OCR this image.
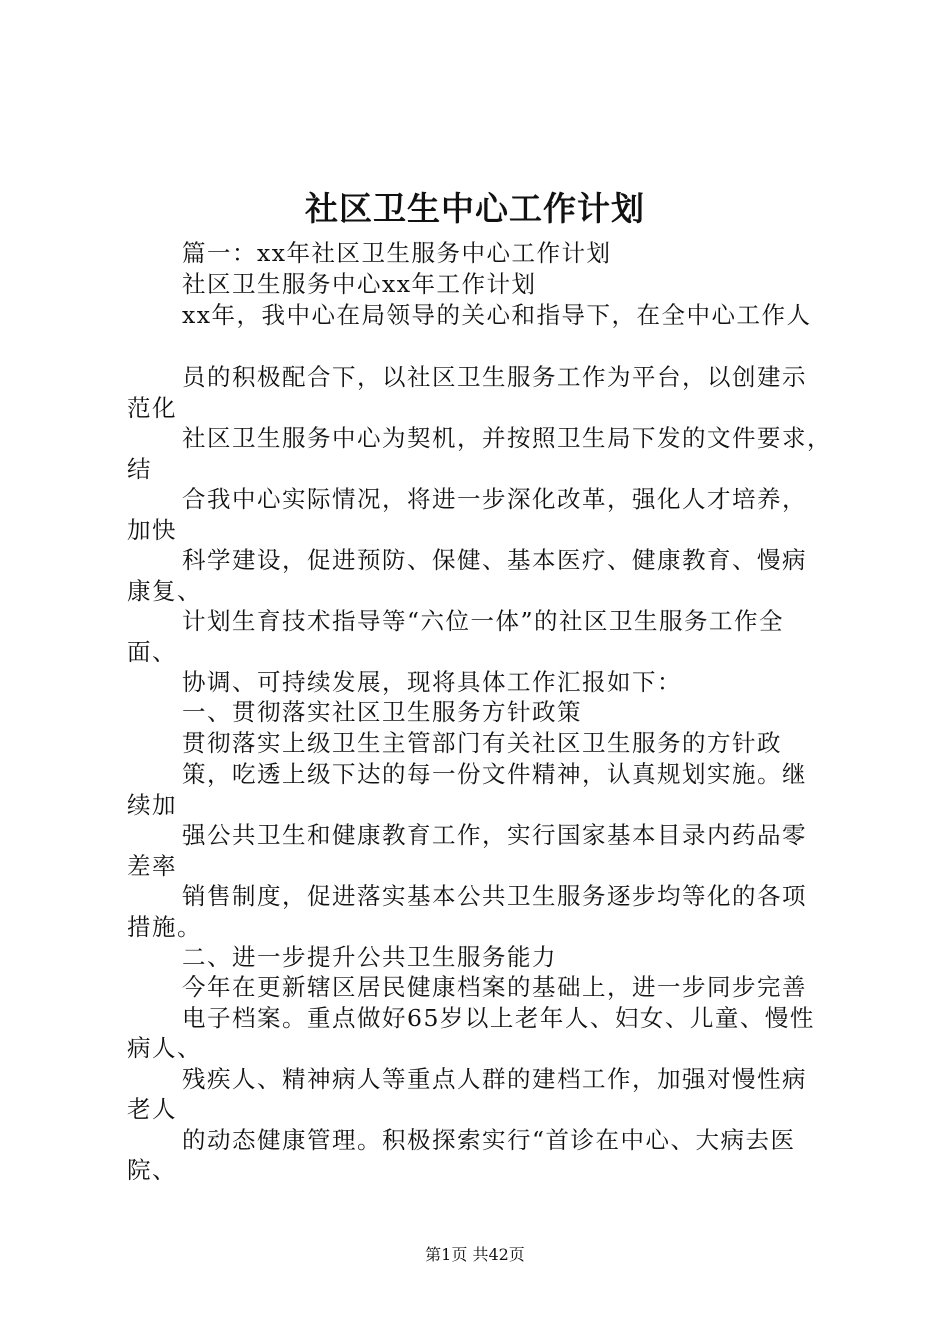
社区卫生中心工作计划
篇一：xx年社区卫生服务中心工作计划
社区卫生服务中心xx年工作计划
xx年，我中心在局领导的关心和指导下，在全中心工作人
员的积极配合下，以社区卫生服务工作为平台，以创建示
范化
社区卫生服务中心为契机，并按照卫生局下发的文件要求，
结
合我中心实际情况，将进一步深化改革，强化人才培养，
加快
科学建设，促进预防、保健、基本医疗、健康教育、慢病
康复、
计划生育技术指导等“六位一体”的社区卫生服务工作全
面、
协调、可持续发展，现将具体工作汇报如下：
一、贯彻落实社区卫生服务方针政策
贯彻落实上级卫生主管部门有关社区卫生服务的方针政
策，吃透上级下达的每一份文件精神，认真规划实施。继
续加
强公共卫生和健康教育工作，实行国家基本目录内药品零
差率
销售制度，促进落实基本公共卫生服务逐步均等化的各项
措施。
二、进一步提升公共卫生服务能力
今年在更新辖区居民健康档案的基础上，进一步同步完善
电子档案。重点做好65岁以上老年人、妇女、儿童、慢性
病人、
残疾人、精神病人等重点人群的建档工作，加强对慢性病
老人
的动态健康管理。积极探索实行“首诊在中心、大病去医
院、
第1页 共42页
